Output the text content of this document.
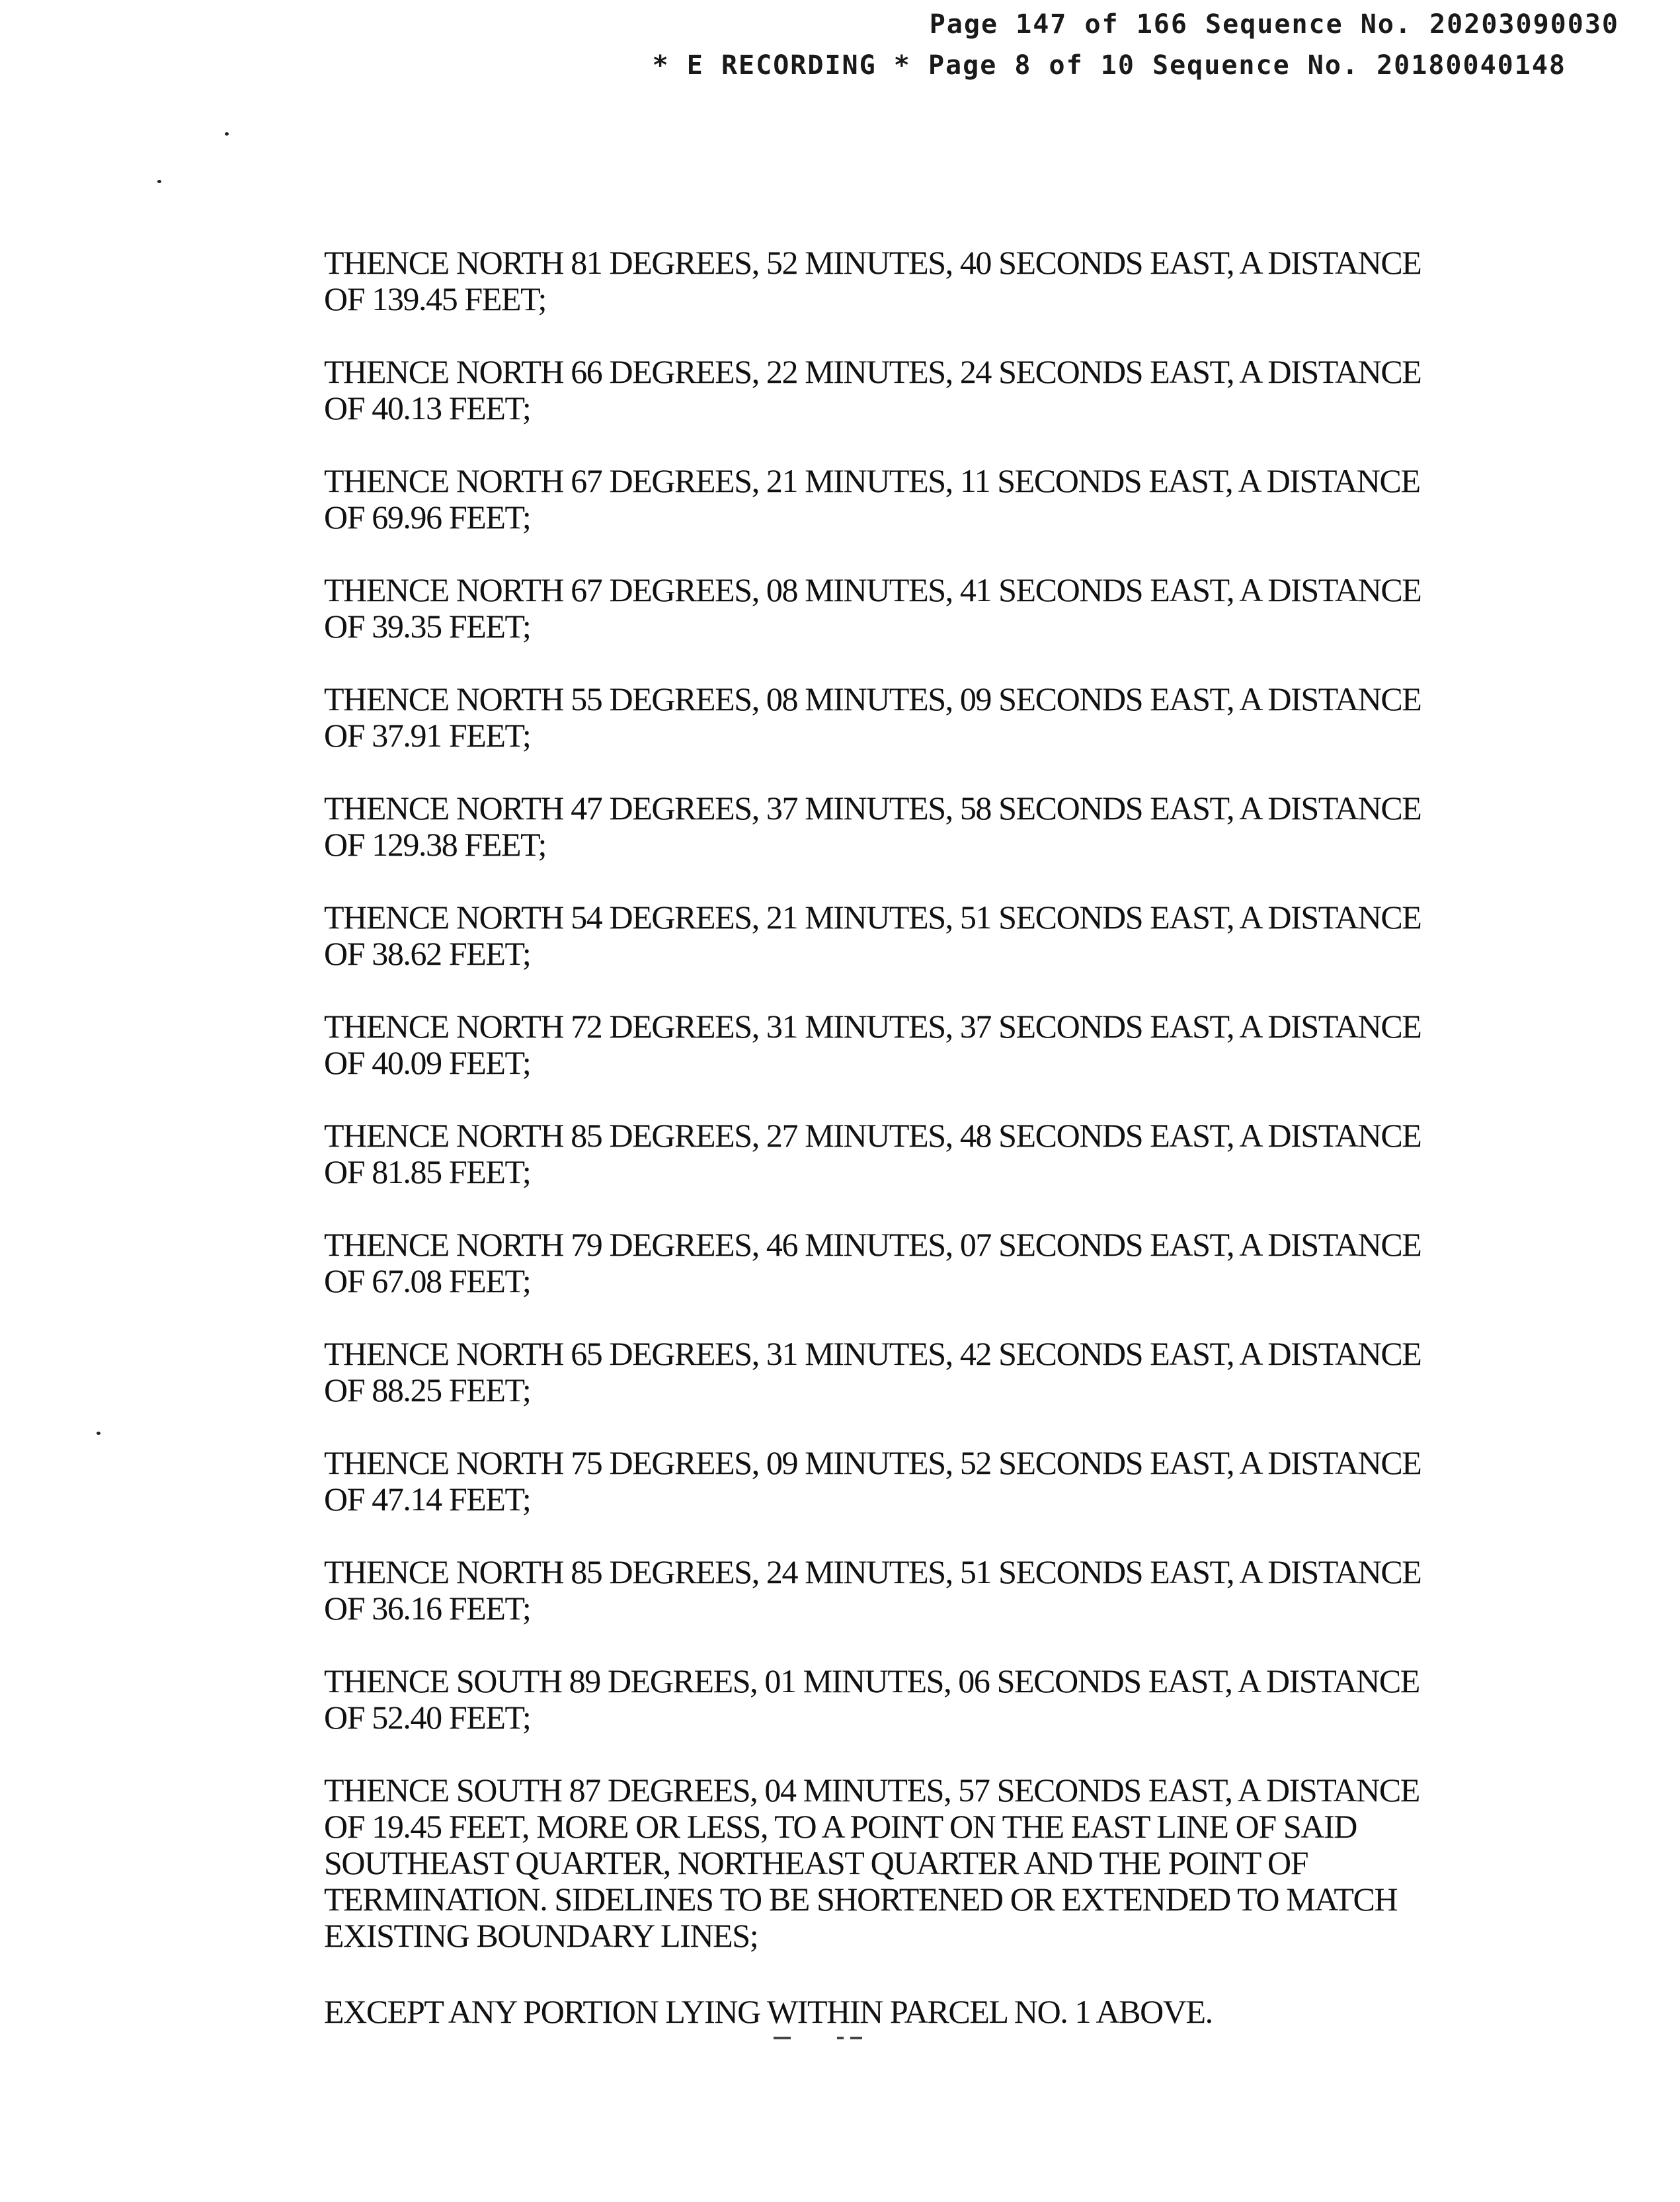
Page 147 of 166 Sequence No. 20203090030
* E RECORDING * Page 8 of 10 Sequence No. 20180040148

THENCE NORTH 81 DEGREES, 52 MINUTES, 40 SECONDS EAST, A DISTANCE
OF 139.45 FEET;

THENCE NORTH 66 DEGREES, 22 MINUTES, 24 SECONDS EAST, A DISTANCE
OF 40.13 FEET;

THENCE NORTH 67 DEGREES, 21 MINUTES, 11 SECONDS EAST, A DISTANCE
OF 69.96 FEET;

THENCE NORTH 67 DEGREES, 08 MINUTES, 41 SECONDS EAST, A DISTANCE
OF 39.35 FEET;

THENCE NORTH 55 DEGREES, 08 MINUTES, 09 SECONDS EAST, A DISTANCE
OF 37.91 FEET;

THENCE NORTH 47 DEGREES, 37 MINUTES, 58 SECONDS EAST, A DISTANCE
OF 129.38 FEET;

THENCE NORTH 54 DEGREES, 21 MINUTES, 51 SECONDS EAST, A DISTANCE
OF 38.62 FEET;

THENCE NORTH 72 DEGREES, 31 MINUTES, 37 SECONDS EAST, A DISTANCE
OF 40.09 FEET;

THENCE NORTH 85 DEGREES, 27 MINUTES, 48 SECONDS EAST, A DISTANCE
OF 81.85 FEET;

THENCE NORTH 79 DEGREES, 46 MINUTES, 07 SECONDS EAST, A DISTANCE
OF 67.08 FEET;

THENCE NORTH 65 DEGREES, 31 MINUTES, 42 SECONDS EAST, A DISTANCE
OF 88.25 FEET;

THENCE NORTH 75 DEGREES, 09 MINUTES, 52 SECONDS EAST, A DISTANCE
OF 47.14 FEET;

THENCE NORTH 85 DEGREES, 24 MINUTES, 51 SECONDS EAST, A DISTANCE
OF 36.16 FEET;

THENCE SOUTH 89 DEGREES, 01 MINUTES, 06 SECONDS EAST, A DISTANCE
OF 52.40 FEET;

THENCE SOUTH 87 DEGREES, 04 MINUTES, 57 SECONDS EAST, A DISTANCE
OF 19.45 FEET, MORE OR LESS, TO A POINT ON THE EAST LINE OF SAID
SOUTHEAST QUARTER, NORTHEAST QUARTER AND THE POINT OF
TERMINATION. SIDELINES TO BE SHORTENED OR EXTENDED TO MATCH
EXISTING BOUNDARY LINES;

EXCEPT ANY PORTION LYING WITHIN PARCEL NO. 1 ABOVE.
